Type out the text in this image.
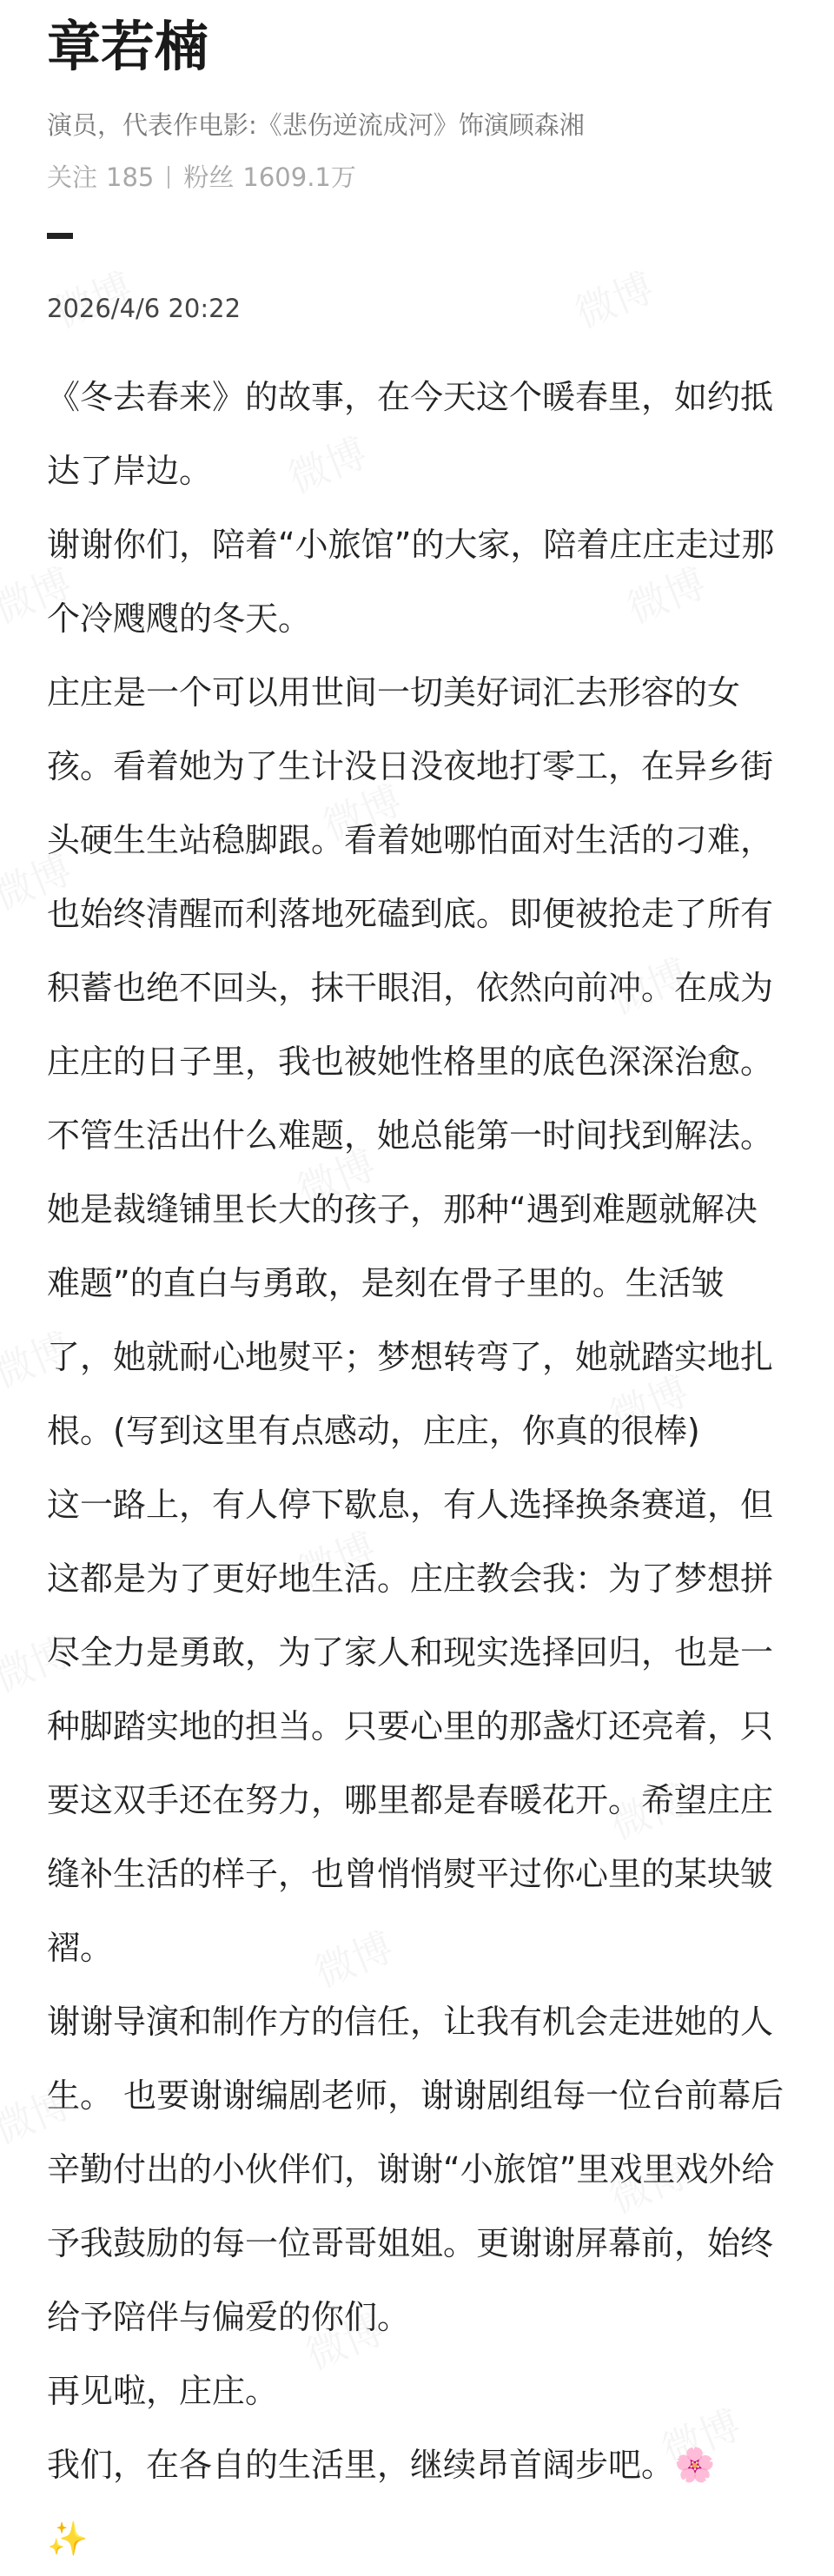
章若楠
演员，代表作电影:《悲伤逆流成河》饰演顾森湘
关注 185 粉丝 1609.1万
2026/4/6 20:22

《冬去春来》的故事，在今天这个暖春里，如约抵达了岸边。

谢谢你们，陪着“小旅馆”的大家，陪着庄庄走过那个冷飕飕的冬天。

庄庄是一个可以用世间一切美好词汇去形容的女孩。看着她为了生计没日没夜地打零工，在异乡街头硬生生站稳脚跟。看着她哪怕面对生活的刁难，也始终清醒而利落地死磕到底。即便被抢走了所有积蓄也绝不回头，抹干眼泪，依然向前冲。在成为庄庄的日子里，我也被她性格里的底色深深治愈。

不管生活出什么难题，她总能第一时间找到解法。她是裁缝铺里长大的孩子，那种“遇到难题就解决难题”的直白与勇敢，是刻在骨子里的。生活皱了，她就耐心地熨平；梦想转弯了，她就踏实地扎根。(写到这里有点感动，庄庄，你真的很棒)

这一路上，有人停下歇息，有人选择换条赛道，但这都是为了更好地生活。庄庄教会我：为了梦想拼尽全力是勇敢，为了家人和现实选择回归，也是一种脚踏实地的担当。只要心里的那盏灯还亮着，只要这双手还在努力，哪里都是春暖花开。希望庄庄缝补生活的样子，也曾悄悄熨平过你心里的某块皱褶。

谢谢导演和制作方的信任，让我有机会走进她的人生。 也要谢谢编剧老师，谢谢剧组每一位台前幕后辛勤付出的小伙伴们，谢谢“小旅馆”里戏里戏外给予我鼓励的每一位哥哥姐姐。更谢谢屏幕前，始终给予陪伴与偏爱的你们。

再见啦，庄庄。

我们，在各自的生活里，继续昂首阔步吧。🌸

✨
